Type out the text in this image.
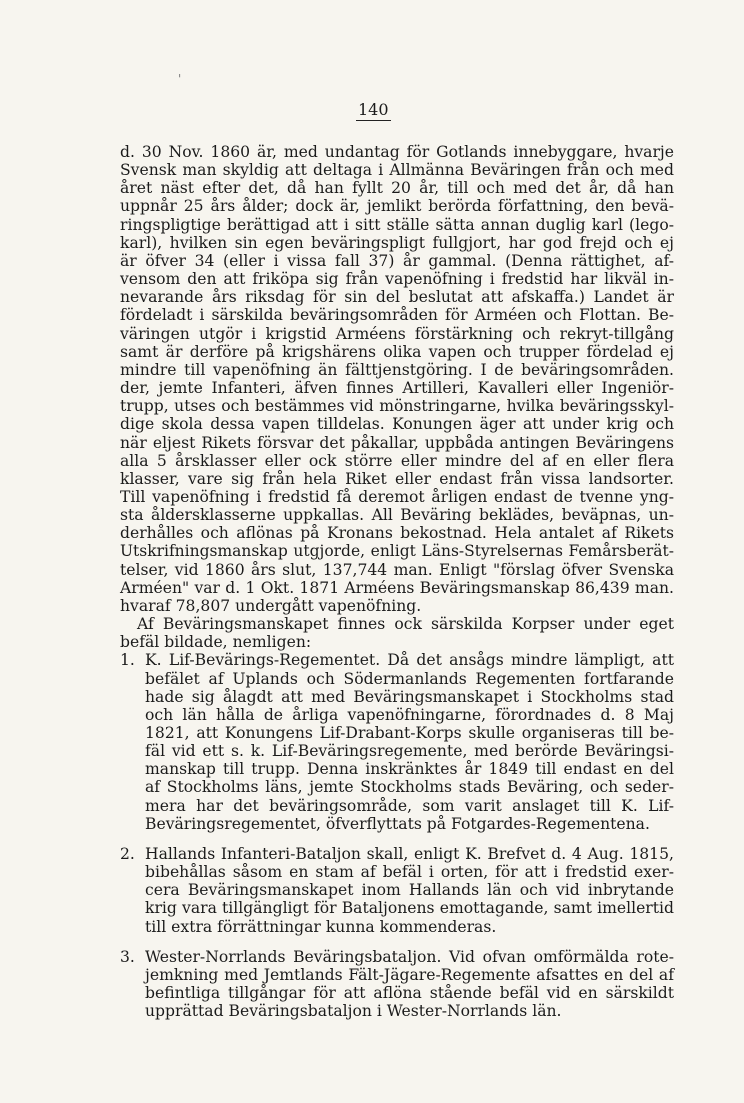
'
140
d. 30 Nov. 1860 är, med undantag för Gotlands innebyggare, hvarje
Svensk man skyldig att deltaga i Allmänna Beväringen från och med
året näst efter det, då han fyllt 20 år, till och med det år, då han
uppnår 25 års ålder; dock är, jemlikt berörda författning, den bevä-
ringspligtige berättigad att i sitt ställe sätta annan duglig karl (lego-
karl), hvilken sin egen beväringspligt fullgjort, har god frejd och ej
är öfver 34 (eller i vissa fall 37) år gammal. (Denna rättighet, af-
vensom den att friköpa sig från vapenöfning i fredstid har likväl in-
nevarande års riksdag för sin del beslutat att afskaffa.) Landet är
fördeladt i särskilda beväringsområden för Arméen och Flottan. Be-
väringen utgör i krigstid Arméens förstärkning och rekryt-tillgång
samt är derföre på krigshärens olika vapen och trupper fördelad ej
mindre till vapenöfning än fälttjenstgöring. I de beväringsområden.
der, jemte Infanteri, äfven finnes Artilleri, Kavalleri eller Ingeniör-
trupp, utses och bestämmes vid mönstringarne, hvilka beväringsskyl-
dige skola dessa vapen tilldelas. Konungen äger att under krig och
när eljest Rikets försvar det påkallar, uppbåda antingen Beväringens
alla 5 årsklasser eller ock större eller mindre del af en eller flera
klasser, vare sig från hela Riket eller endast från vissa landsorter.
Till vapenöfning i fredstid få deremot årligen endast de tvenne yng-
sta åldersklasserne uppkallas. All Beväring beklädes, beväpnas, un-
derhålles och aflönas på Kronans bekostnad. Hela antalet af Rikets
Utskrifningsmanskap utgjorde, enligt Läns-Styrelsernas Femårsberät-
telser, vid 1860 års slut, 137,744 man. Enligt "förslag öfver Svenska
Arméen" var d. 1 Okt. 1871 Arméens Beväringsmanskap 86,439 man.
hvaraf 78,807 undergått vapenöfning.
Af Beväringsmanskapet finnes ock särskilda Korpser under eget
befäl bildade, nemligen:
1. K. Lif-Bevärings-Regementet. Då det ansågs mindre lämpligt, att
befälet af Uplands och Södermanlands Regementen fortfarande
hade sig ålagdt att med Beväringsmanskapet i Stockholms stad
och län hålla de årliga vapenöfningarne, förordnades d. 8 Maj
1821, att Konungens Lif-Drabant-Korps skulle organiseras till be-
fäl vid ett s. k. Lif-Beväringsregemente, med berörde Beväringsi-
manskap till trupp. Denna inskränktes år 1849 till endast en del
af Stockholms läns, jemte Stockholms stads Beväring, och seder-
mera har det beväringsområde, som varit anslaget till K. Lif-
Beväringsregementet, öfverflyttats på Fotgardes-Regementena.
2. Hallands Infanteri-Bataljon skall, enligt K. Brefvet d. 4 Aug. 1815,
bibehållas såsom en stam af befäl i orten, för att i fredstid exer-
cera Beväringsmanskapet inom Hallands län och vid inbrytande
krig vara tillgängligt för Bataljonens emottagande, samt imellertid
till extra förrättningar kunna kommenderas.
3. Wester-Norrlands Beväringsbataljon. Vid ofvan omförmälda rote-
jemkning med Jemtlands Fält-Jägare-Regemente afsattes en del af
befintliga tillgångar för att aflöna stående befäl vid en särskildt
upprättad Beväringsbataljon i Wester-Norrlands län.
